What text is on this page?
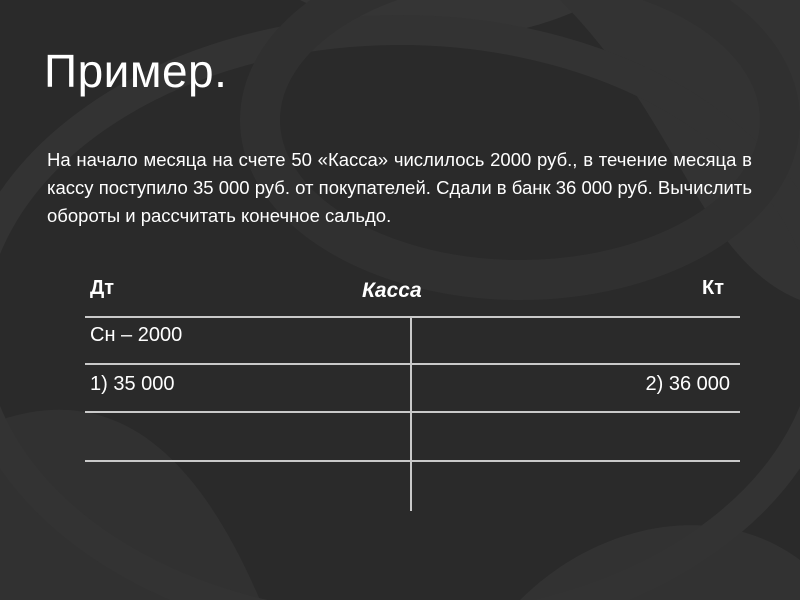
Пример.
На начало месяца на счете 50 «Касса» числилось 2000 руб., в течение месяца в кассу поступило 35 000 руб. от покупателей. Сдали в банк 36 000 руб. Вычислить обороты и рассчитать конечное сальдо.
Дт	Касса	Кт
Сн – 2000
1) 35 000	2) 36 000
